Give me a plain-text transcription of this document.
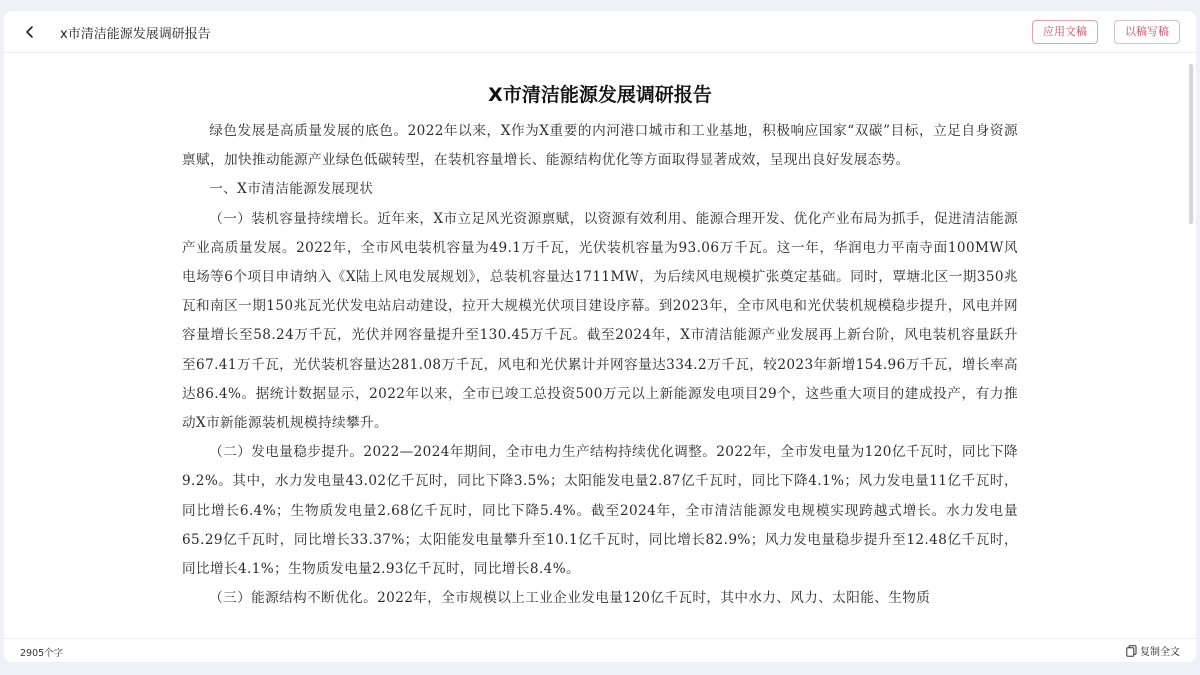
x市清洁能源发展调研报告	应用文稿	以稿写稿
X市清洁能源发展调研报告

绿色发展是高质量发展的底色。2022年以来，X作为X重要的内河港口城市和工业基地，积极响应国家“双碳”目标，立足自身资源禀赋，加快推动能源产业绿色低碳转型，在装机容量增长、能源结构优化等方面取得显著成效，呈现出良好发展态势。

一、X市清洁能源发展现状

（一）装机容量持续增长。近年来，X市立足风光资源禀赋，以资源有效利用、能源合理开发、优化产业布局为抓手，促进清洁能源产业高质量发展。2022年，全市风电装机容量为49.1万千瓦，光伏装机容量为93.06万千瓦。这一年，华润电力平南寺面100MW风电场等6个项目申请纳入《X陆上风电发展规划》，总装机容量达1711MW，为后续风电规模扩张奠定基础。同时，覃塘北区一期350兆瓦和南区一期150兆瓦光伏发电站启动建设，拉开大规模光伏项目建设序幕。到2023年，全市风电和光伏装机规模稳步提升，风电并网容量增长至58.24万千瓦，光伏并网容量提升至130.45万千瓦。截至2024年，X市清洁能源产业发展再上新台阶，风电装机容量跃升至67.41万千瓦，光伏装机容量达281.08万千瓦，风电和光伏累计并网容量达334.2万千瓦，较2023年新增154.96万千瓦，增长率高达86.4%。据统计数据显示，2022年以来，全市已竣工总投资500万元以上新能源发电项目29个，这些重大项目的建成投产，有力推动X市新能源装机规模持续攀升。

（二）发电量稳步提升。2022—2024年期间，全市电力生产结构持续优化调整。2022年，全市发电量为120亿千瓦时，同比下降9.2%。其中，水力发电量43.02亿千瓦时，同比下降3.5%；太阳能发电量2.87亿千瓦时，同比下降4.1%；风力发电量11亿千瓦时，同比增长6.4%；生物质发电量2.68亿千瓦时，同比下降5.4%。截至2024年，全市清洁能源发电规模实现跨越式增长。水力发电量65.29亿千瓦时，同比增长33.37%；太阳能发电量攀升至10.1亿千瓦时，同比增长82.9%；风力发电量稳步提升至12.48亿千瓦时，同比增长4.1%；生物质发电量2.93亿千瓦时，同比增长8.4%。

（三）能源结构不断优化。2022年，全市规模以上工业企业发电量120亿千瓦时，其中水力、风力、太阳能、生物质

2905个字	复制全文
